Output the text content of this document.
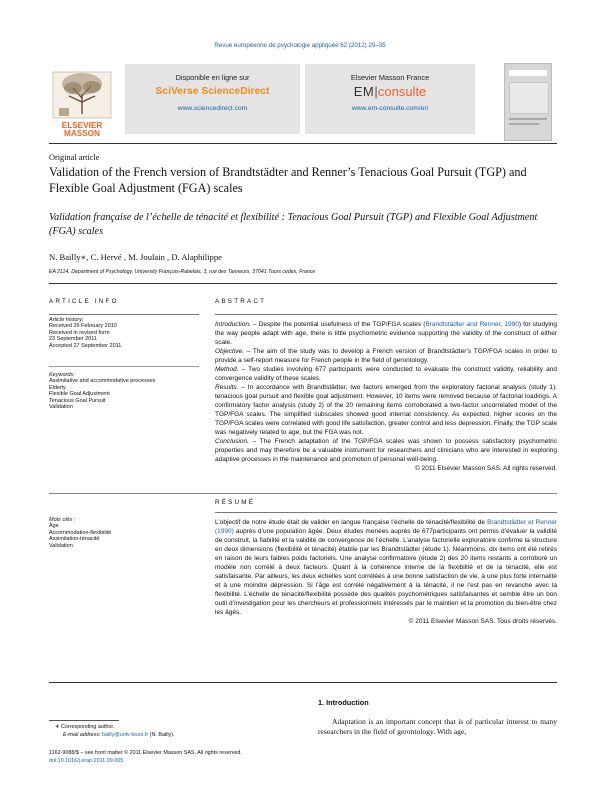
Revue européenne de psychologie appliquée 62 (2012) 29–35
ELSEVIER
MASSON
Disponible en ligne sur
SciVerse ScienceDirect
www.sciencedirect.com
Elsevier Masson France
EM|consulte
www.em-consulte.com/en
Original article
Validation of the French version of Brandtstädter and Renner’s Tenacious Goal Pursuit (TGP) and Flexible Goal Adjustment (FGA) scales
Validation française de l’échelle de ténacité et flexibilité : Tenacious Goal Pursuit (TGP) and Flexible Goal Adjustment (FGA) scales
N. Bailly∗, C. Hervé , M. Joulain , D. Alaphilippe
EA 2114, Department of Psychology, University François-Rabelais, 3, rue des Tanneurs, 37041 Tours cedex, France
ARTICLE INFO
Article history:
Received 26 February 2010
Received in revised form
23 September 2011
Accepted 27 September 2011
Keywords:
Assimilative and accommodative processes
Elderly
Flexible Goal Adjustment
Tenacious Goal Pursuit
Validation
Mots clés :
Âge
Accommodation-flexibilité
Assimilation-ténacité
Validation
ABSTRACT

Introduction. – Despite the potential usefulness of the TGP/FGA scales (Brandtstädter and Renner, 1990) for studying the way people adapt with age, there is little psychometric evidence supporting the validity of the construct of either scale.

Objective. – The aim of the study was to develop a French version of Brandtstädter’s TGP/FGA scales in order to provide a self-report measure for French people in the field of gerontology.

Method. – Two studies involving 677 participants were conducted to evaluate the construct validity, reliability and convergence validity of these scales.

Results. – In accordance with Brandtstädter, two factors emerged from the exploratory factorial analysis (study 1): tenacious goal pursuit and flexible goal adjustment. However, 10 items were removed because of factorial loadings. A confirmatory factor analysis (study 2) of the 20 remaining items corroborated a two-factor uncorrelated model of the TGP/FGA scales. The simplified subscales showed good internal consistency. As expected, higher scores on the TGP/FGA scales were correlated with good life satisfaction, greater control and less depression. Finally, the TGP scale was negatively related to age, but the FGA was not.

Conclusion. – The French adaptation of the TGP/FGA scales was shown to possess satisfactory psychometric properties and may therefore be a valuable instrument for researchers and clinicians who are interested in exploring adaptive processes in the maintenance and promotion of personal well-being.

© 2011 Elsevier Masson SAS. All rights reserved.

RÉSUMÉ
L’objectif de notre étude était de valider en langue française l’échelle de ténacité/flexibilité de Brandtstädter et Renner (1990) auprès d’une population âgée. Deux études menées auprès de 677participants ont permis d’évaluer la validité de construit, la fiabilité et la validité de convergence de l’échelle. L’analyse factorielle exploratoire confirme la structure en deux dimensions (flexibilité et ténacité) établie par les Brandtstädter (étude 1). Néanmoins, dix items ont été retirés en raison de leurs faibles poids factoriels. Une analyse confirmatoire (étude 2) des 20 items restants a corroboré un modèle non corrélé à deux facteurs. Quant à la cohérence interne de la flexibilité et de la ténacité, elle est satisfaisante. Par ailleurs, les deux échelles sont corrélées à une bonne satisfaction de vie, à une plus forte internalité et à une moindre dépression. Si l’âge est corrélé négativement à la ténacité, il ne l’est pas en revanche avec la flexibilité. L’échelle de ténacité/flexibilité possède des qualités psychométriques satisfaisantes et semble être un bon outil d’investigation pour les chercheurs et professionnels intéressés par le maintien et la promotion du bien-être chez les âgés.
© 2011 Elsevier Masson SAS. Tous droits réservés.
1. Introduction
Adaptation is an important concept that is of particular interest to many researchers in the field of gerontology. With age,
∗ Corresponding author.
E-mail address: bailly@univ-tours.fr (N. Bailly).
1162-9088/$ – see front matter © 2011 Elsevier Masson SAS. All rights reserved.
doi:10.1016/j.erap.2011.09.005
